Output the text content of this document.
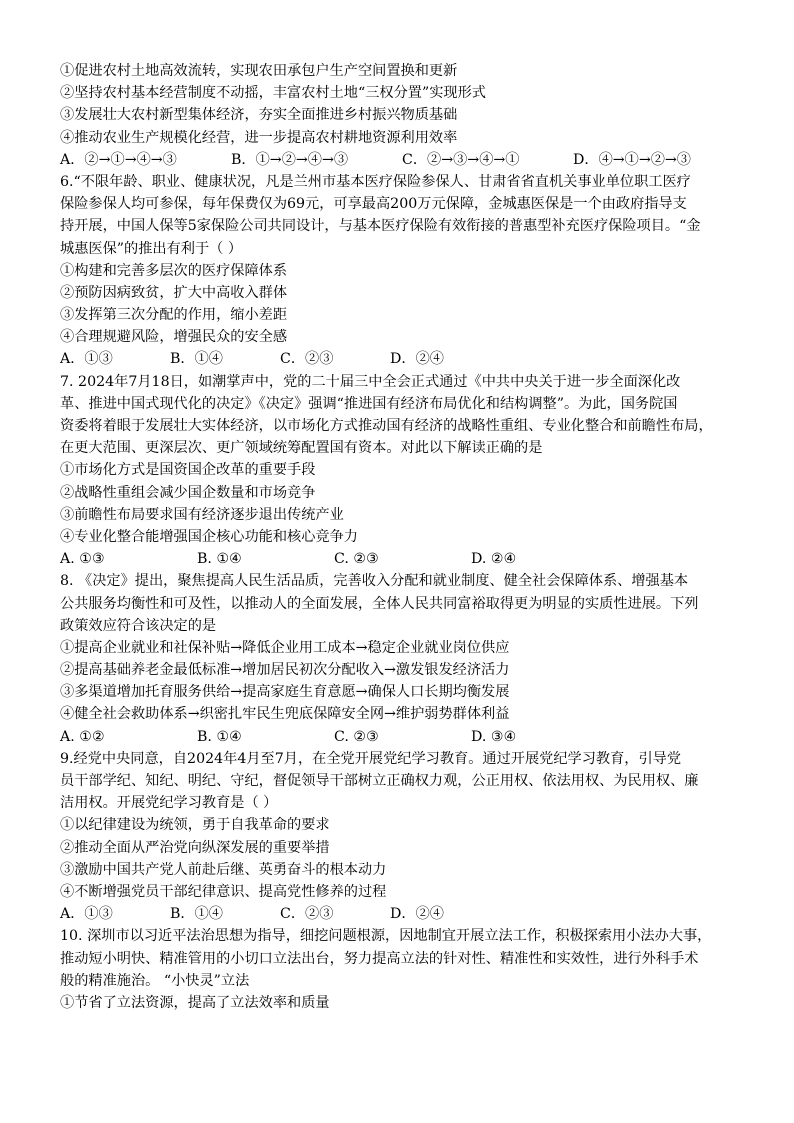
①促进农村土地高效流转，实现农田承包户生产空间置换和更新
②坚持农村基本经营制度不动摇，丰富农村土地“三权分置”实现形式
③发展壮大农村新型集体经济，夯实全面推进乡村振兴物质基础
④推动农业生产规模化经营，进一步提高农村耕地资源利用效率
A．②→①→④→③	B．①→②→④→③	C．②→③→④→①	D．④→①→②→③
6.“不限年龄、职业、健康状况，凡是兰州市基本医疗保险参保人、甘肃省省直机关事业单位职工医疗
保险参保人均可参保，每年保费仅为69元，可享最高200万元保障，金城惠医保是一个由政府指导支
持开展，中国人保等5家保险公司共同设计，与基本医疗保险有效衔接的普惠型补充医疗保险项目。“金
城惠医保”的推出有利于（ ）
①构建和完善多层次的医疗保障体系
②预防因病致贫，扩大中高收入群体
③发挥第三次分配的作用，缩小差距
④合理规避风险，增强民众的安全感
A．①③	B．①④	C．②③	D．②④
7. 2024年7月18日，如潮掌声中，党的二十届三中全会正式通过《中共中央关于进一步全面深化改
革、推进中国式现代化的决定》《决定》强调“推进国有经济布局优化和结构调整”。为此，国务院国
资委将着眼于发展壮大实体经济，以市场化方式推动国有经济的战略性重组、专业化整合和前瞻性布局，
在更大范围、更深层次、更广领域统筹配置国有资本。对此以下解读正确的是
①市场化方式是国资国企改革的重要手段
②战略性重组会减少国企数量和市场竞争
③前瞻性布局要求国有经济逐步退出传统产业
④专业化整合能增强国企核心功能和核心竞争力
A. ①③	B. ①④	C. ②③	D. ②④
8. 《决定》提出，聚焦提高人民生活品质，完善收入分配和就业制度、健全社会保障体系、增强基本
公共服务均衡性和可及性，以推动人的全面发展，全体人民共同富裕取得更为明显的实质性进展。下列
政策效应符合该决定的是
①提高企业就业和社保补贴→降低企业用工成本→稳定企业就业岗位供应
②提高基础养老金最低标准→增加居民初次分配收入→激发银发经济活力
③多渠道增加托育服务供给→提高家庭生育意愿→确保人口长期均衡发展
④健全社会救助体系→织密扎牢民生兜底保障安全网→维护弱势群体利益
A. ①②	B. ①④	C. ②③	D. ③④
9.经党中央同意，自2024年4月至7月，在全党开展党纪学习教育。通过开展党纪学习教育，引导党
员干部学纪、知纪、明纪、守纪，督促领导干部树立正确权力观，公正用权、依法用权、为民用权、廉
洁用权。开展党纪学习教育是（ ）
①以纪律建设为统领，勇于自我革命的要求
②推动全面从严治党向纵深发展的重要举措
③激励中国共产党人前赴后继、英勇奋斗的根本动力
④不断增强党员干部纪律意识、提高党性修养的过程
A．①③	B．①④	C．②③	D．②④
10. 深圳市以习近平法治思想为指导，细挖问题根源，因地制宜开展立法工作，积极探索用小法办大事，
推动短小明快、精准管用的小切口立法出台，努力提高立法的针对性、精准性和实效性，进行外科手术
般的精准施治。 “小快灵”立法
①节省了立法资源，提高了立法效率和质量
